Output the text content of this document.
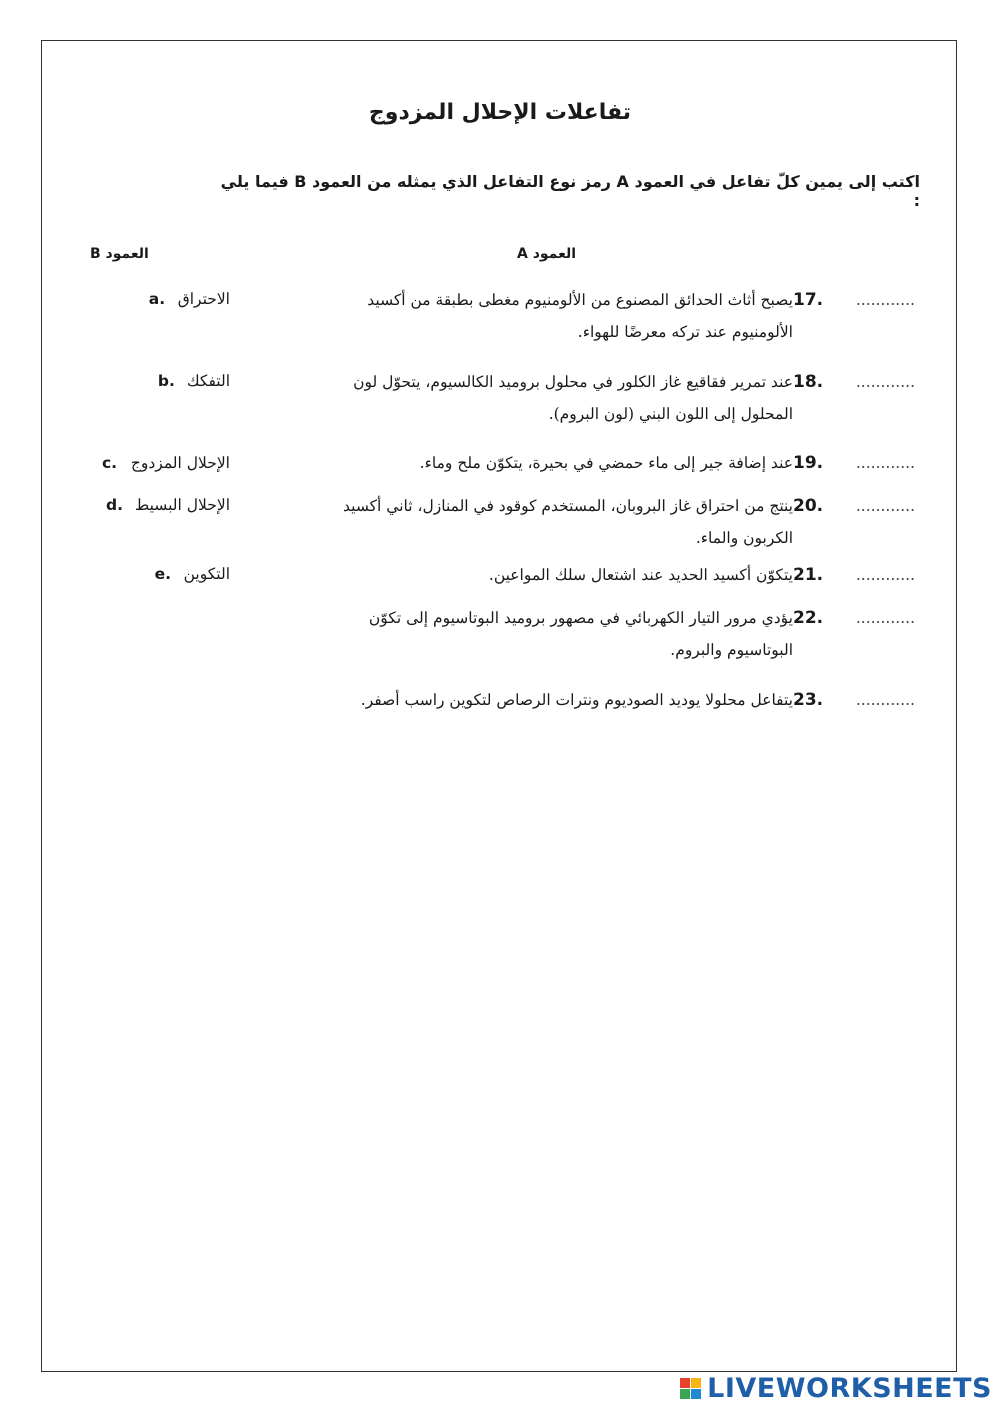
تفاعلات الإحلال المزدوج
اكتب إلى يمين كلّ تفاعل في العمود A رمز نوع التفاعل الذي يمثله من العمود B فيما يلي :
العمود A
العمود B
يصبح أثاث الحدائق المصنوع من الألومنيوم مغطى بطبقة من أكسيد الألومنيوم عند تركه معرضًا للهواء.
17.	............
عند تمرير فقاقيع غاز الكلور في محلول بروميد الكالسيوم، يتحوّل لون المحلول إلى اللون البني (لون البروم).
18.	............
عند إضافة جير إلى ماء حمضي في بحيرة، يتكوّن ملح وماء. 19.	............
ينتج من احتراق غاز البروبان، المستخدم كوقود في المنازل، ثاني أكسيد الكربون والماء.
20.	............
يتكوّن أكسيد الحديد عند اشتعال سلك المواعين. 21.	............
يؤدي مرور التيار الكهربائي في مصهور بروميد البوتاسيوم إلى تكوّن البوتاسيوم والبروم.
22.	............
يتفاعل محلولا يوديد الصوديوم ونترات الرصاص لتكوين راسب أصفر. 23.	............
الاحتراق a.
التفكك b.
الإحلال المزدوج c.
الإحلال البسيط d.
التكوين e.
LIVEWORKSHEETS
